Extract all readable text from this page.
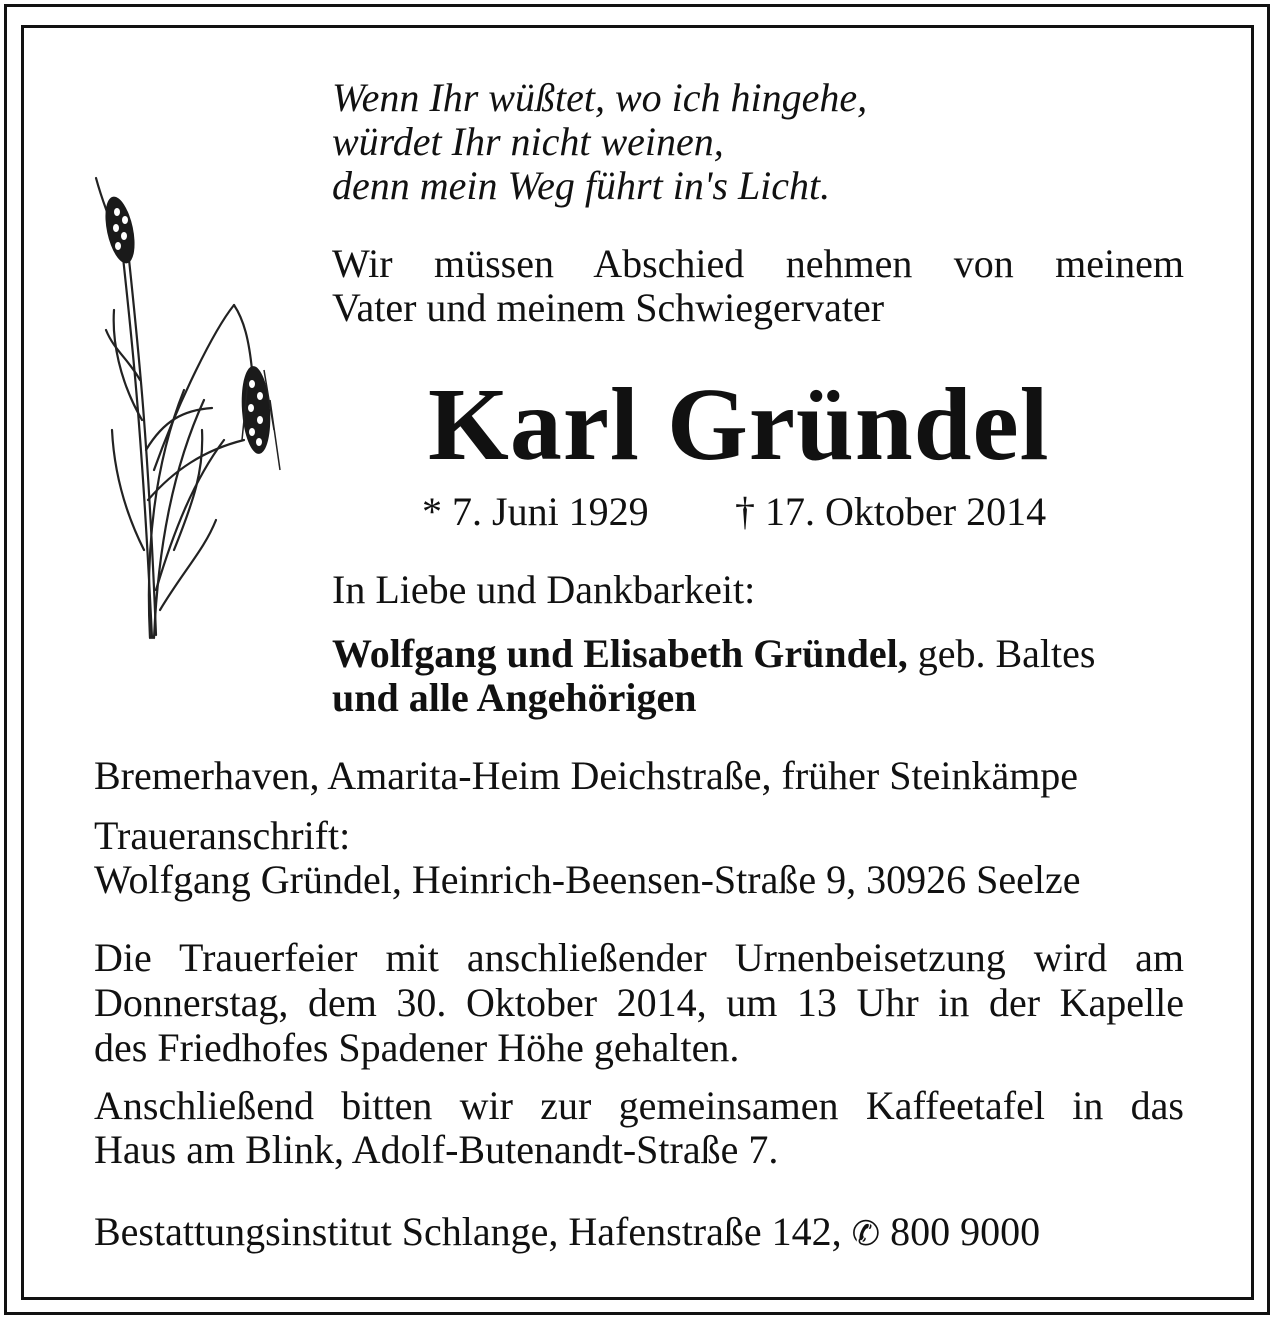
Wenn Ihr wüßtet, wo ich hingehe,

würdet Ihr nicht weinen,

denn mein Weg führt in's Licht.

Wir müssen Abschied nehmen von meinem

Vater und meinem Schwiegervater

Karl Gründel

* 7. Juni 1929 † 17. Oktober 2014

In Liebe und Dankbarkeit:

Wolfgang und Elisabeth Gründel, geb. Baltes

und alle Angehörigen

Bremerhaven, Amarita-Heim Deichstraße, früher Steinkämpe

Traueranschrift:

Wolfgang Gründel, Heinrich-Beensen-Straße 9, 30926 Seelze

Die Trauerfeier mit anschließender Urnenbeisetzung wird am

Donnerstag, dem 30. Oktober 2014, um 13 Uhr in der Kapelle

des Friedhofes Spadener Höhe gehalten.

Anschließend bitten wir zur gemeinsamen Kaffeetafel in das

Haus am Blink, Adolf-Butenandt-Straße 7.

Bestattungsinstitut Schlange, Hafenstraße 142, ✆ 800 9000
